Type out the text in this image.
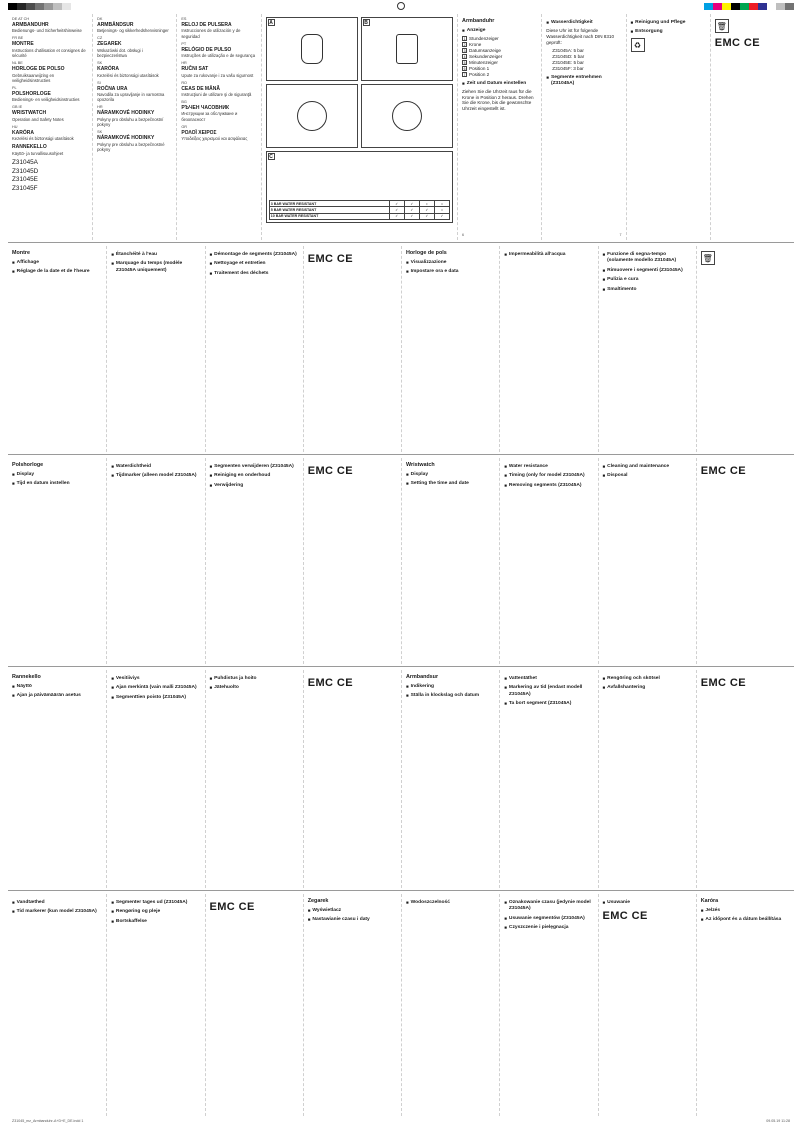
DE AT CH
ARMBANDUHR
Bedienungs- und Sicherheitshinweise
FR BE
MONTRE
Instructions d'utilisation et consignes de sécurité
NL BE
HORLOGE DE POLSO
Gebruiksaanwijzing en veiligheidsinstructies
PL
POLSHORLOGE
Bedienings- en veiligheidsinstructies
GB IE
WRISTWATCH
Operation and Safety Notes
HU
KARÓRA
Kezelési és biztonsági utasítások
RANNEKELLO
Käyttö- ja turvallisuusohjeet
Z31045A
Z31045D
Z31045E
Z31045F
DK
ARMBÅNDSUR
Betjenings- og sikkerhedshenvisninger
CZ
ZEGAREK
Wskazówki dot. obsługi i bezpieczeństwa
SK
KARÓRA
Kezelési és biztonsági utasítások
SI
ROČNA URA
Navodila za upravljanje in varnostna opozorila
HR
NÁRAMKOVÉ HODINKY
Pokyny pro obsluhu a bezpečnostní pokyny
SK
NÁRAMKOVÉ HODINKY
Pokyny pre obsluhu a bezpečnostné pokyny
ES
RELOJ DE PULSERA
Instrucciones de utilización y de seguridad
PT
RELÓGIO DE PULSO
Instruções de utilização e de segurança
HR
RUČNI SAT
Upute za rukovanje i za vašu sigurnost
RO
CEAS DE MÂNĂ
Instrucţiuni de utilizare şi de siguranţă
BG
РЪЧЕН ЧАСОВНИК
Инструкции за обслужване и безопасност
GR
ΡΟΛΟΪ ΧΕΙΡΟΣ
Υποδείξεις χειρισμού και ασφάλειας
A	B
C
3 BAR WATER RESISTANT	✓	✓	•	•
5 BAR WATER RESISTANT	✓	✓	✓	•
10 BAR WATER RESISTANT	✓	✓	✓	✓
Armbanduhr
■ Anzeige
1 Stundenzeiger
2 Krone
3 Datumsanzeige
4 Sekundenzeiger
5 Minutenzeiger
6 Position 1
7 Position 2
■ Zeit und Datum einstellen

Ziehen Sie die Uhrzeit raus für die Krone in Position 2 heraus. Drehen Sie die Krone, bis die gewünschte Uhrzeit eingestellt ist.

6
■ Wasserdichtigkeit

Diese Uhr ist für folgende Wasserdichtigkeit nach DIN 8310 geprüft:

Z31045A: 5 bar
Z31045D: 5 bar
Z31045E: 5 bar
Z31045F: 3 bar
■ Segmente entnehmen (Z31045A)
7
■ Reinigung und Pflege
■ Entsorgung
♻
🗑
EMC CE
Montre
■ Affichage
■ Réglage de la date et de l'heure
■ Étanchéité à l'eau
■ Marquage du temps (modèle Z31045A uniquement)
■ Démontage de segments (Z31045A)
■ Nettoyage et entretien
■ Traitement des déchets
EMC CE	Horloge de pols
■ Visualizzazione
■ Impostare ora e data
■ Impermeabilità all'acqua	■ Funzione di segna-tempo (solamente modello Z31045A)
■ Rimuovere i segmenti (Z31045A)
■ Pulizia e cura
■ Smaltimento
🗑
Polshorloge
■ Display
■ Tijd en datum instellen
■ Waterdichtheid
■ Tijdmarker (alleen model Z31045A)
■ Segmenten verwijderen (Z31045A)
■ Reiniging en onderhoud
■ Verwijdering
EMC CE	Wristwatch
■ Display
■ Setting the time and date
■ Water resistance
■ Timing (only for model Z31045A)
■ Removing segments (Z31045A)
■ Cleaning and maintenance
■ Disposal	EMC CE
Rannekello
■ Näyttö
■ Ajan ja päivämäärän asetus
■ Vesitiiviys
■ Ajan merkintä (vain malli Z31045A)
■ Segmenttien poisto (Z31045A)
■ Puhdistus ja hoito
■ Jätehuolto	EMC CE	Armbandsur
■ Indikering
■ Ställa in klockslag och datum
■ Vattentäthet
■ Markering av tid (endast modell Z31045A)
■ Ta bort segment (Z31045A)
■ Rengöring och skötsel
■ Avfallshantering	EMC CE
■ Vandtæthed
■ Tid markerer (kun model Z31045A)
■ Segmenter tages ud (Z31045A)
■ Rengøring og pleje
■ Bortskaffelse
EMC CE	Zegarek
■ Wyświetlacz
■ Nastawianie czasu i daty
■ Wodoszczelność	■ Oznakowanie czasu (jedynie model Z31045A)
■ Usuwanie segmentów (Z31045A)
■ Czyszczenie i pielęgnacja
■ Usuwanie
EMC CE
Karóra
■ Jelzés
■ Az időpont és a dátum beállítása
Z31045_mz_Armbanduhr-A+D+E_DE.indd 1	09.05.19 11:28
